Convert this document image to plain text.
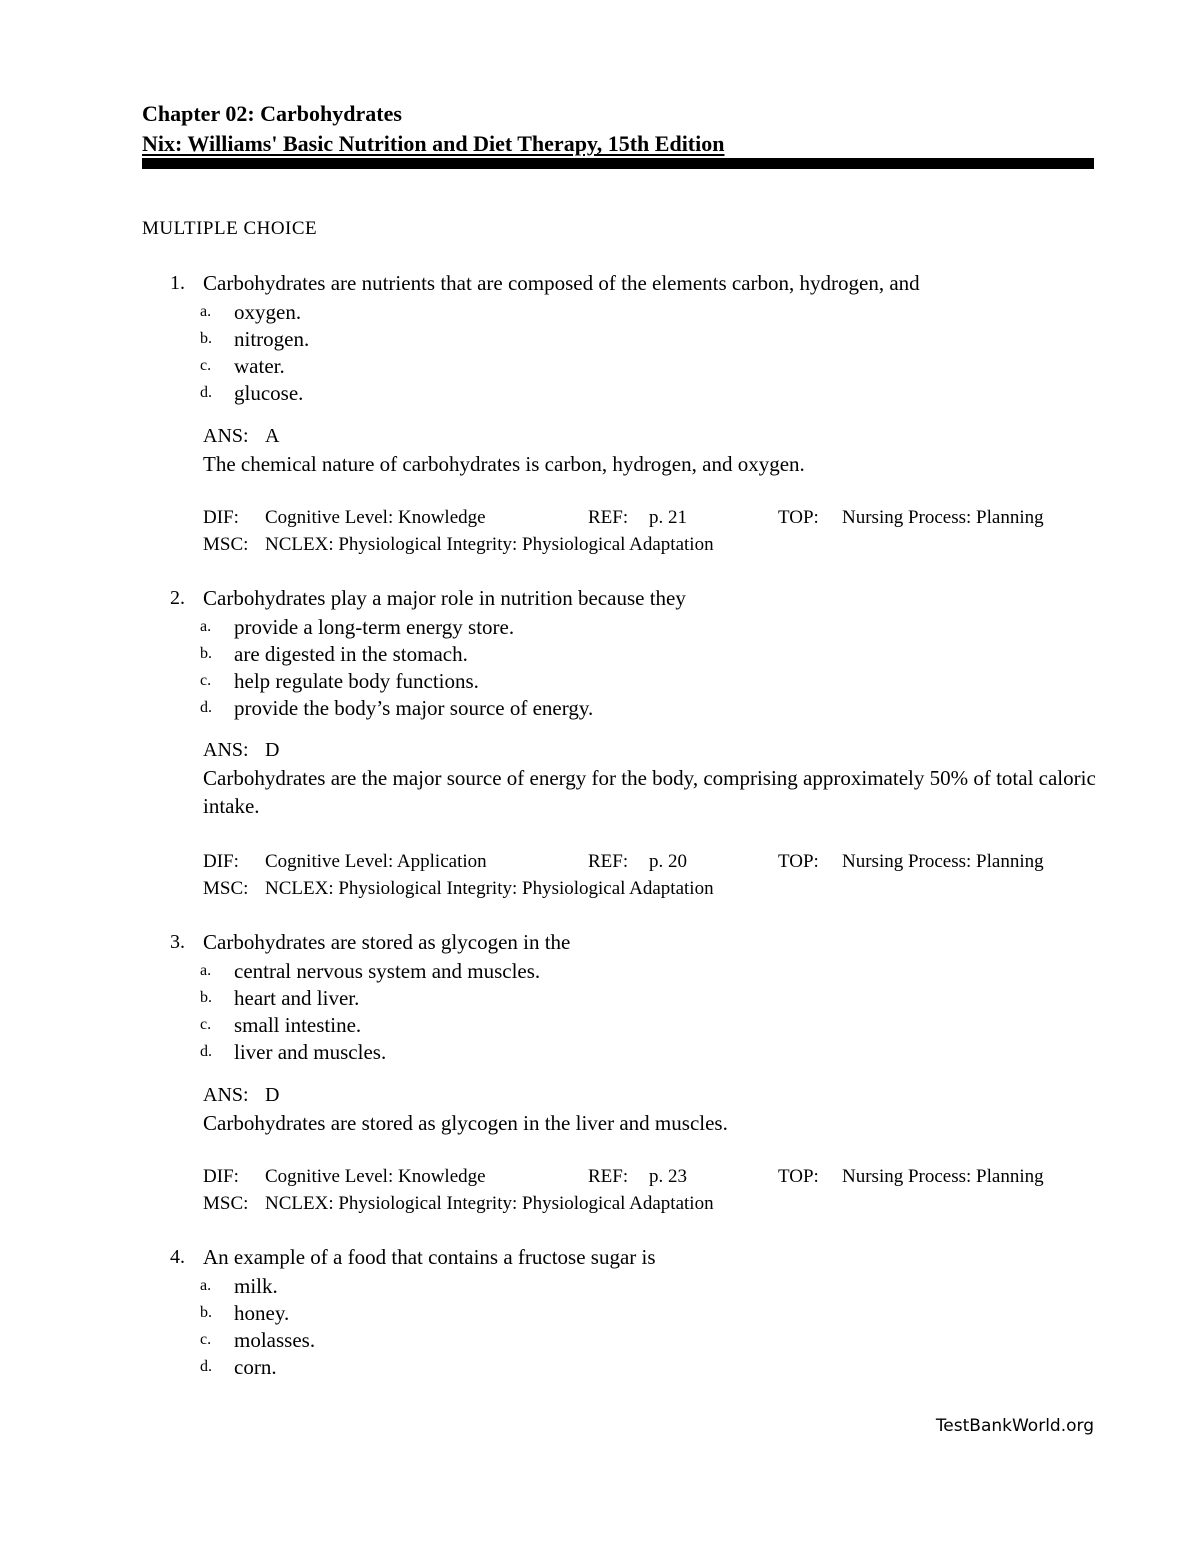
Chapter 02: Carbohydrates
Nix: Williams' Basic Nutrition and Diet Therapy, 15th Edition
MULTIPLE CHOICE
1. Carbohydrates are nutrients that are composed of the elements carbon, hydrogen, and
a. oxygen.
b. nitrogen.
c. water.
d. glucose.
ANS: A
The chemical nature of carbohydrates is carbon, hydrogen, and oxygen.
DIF: Cognitive Level: Knowledge	REF: p. 21	TOP: Nursing Process: Planning
MSC: NCLEX: Physiological Integrity: Physiological Adaptation
2. Carbohydrates play a major role in nutrition because they
a. provide a long-term energy store.
b. are digested in the stomach.
c. help regulate body functions.
d. provide the body’s major source of energy.
ANS: D
Carbohydrates are the major source of energy for the body, comprising approximately 50% of total caloric intake.
DIF: Cognitive Level: Application	REF: p. 20	TOP: Nursing Process: Planning
MSC: NCLEX: Physiological Integrity: Physiological Adaptation
3. Carbohydrates are stored as glycogen in the
a. central nervous system and muscles.
b. heart and liver.
c. small intestine.
d. liver and muscles.
ANS: D
Carbohydrates are stored as glycogen in the liver and muscles.
DIF: Cognitive Level: Knowledge	REF: p. 23	TOP: Nursing Process: Planning
MSC: NCLEX: Physiological Integrity: Physiological Adaptation
4. An example of a food that contains a fructose sugar is
a. milk.
b. honey.
c. molasses.
d. corn.
TestBankWorld.org
